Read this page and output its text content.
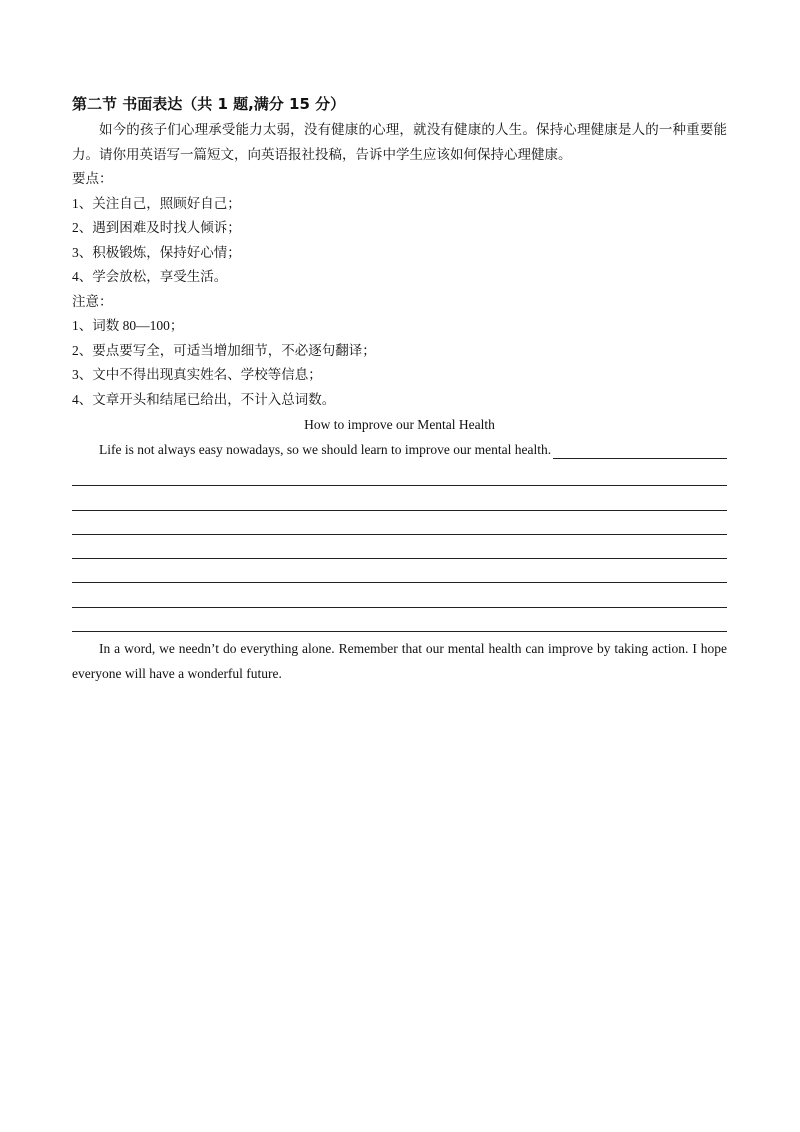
第二节 书面表达（共 1 题,满分 15 分）

如今的孩子们心理承受能力太弱，没有健康的心理，就没有健康的人生。保持心理健康是人的一种重要能力。请你用英语写一篇短文，向英语报社投稿，告诉中学生应该如何保持心理健康。

要点：

1、关注自己，照顾好自己；

2、遇到困难及时找人倾诉；

3、积极锻炼，保持好心情；

4、学会放松，享受生活。

注意：

1、词数 80—100；

2、要点要写全，可适当增加细节，不必逐句翻译；

3、文中不得出现真实姓名、学校等信息；

4、文章开头和结尾已给出，不计入总词数。

How to improve our Mental Health

Life is not always easy nowadays, so we should learn to improve our mental health.

In a word, we needn’t do everything alone. Remember that our mental health can improve by taking action. I hope everyone will have a wonderful future.
